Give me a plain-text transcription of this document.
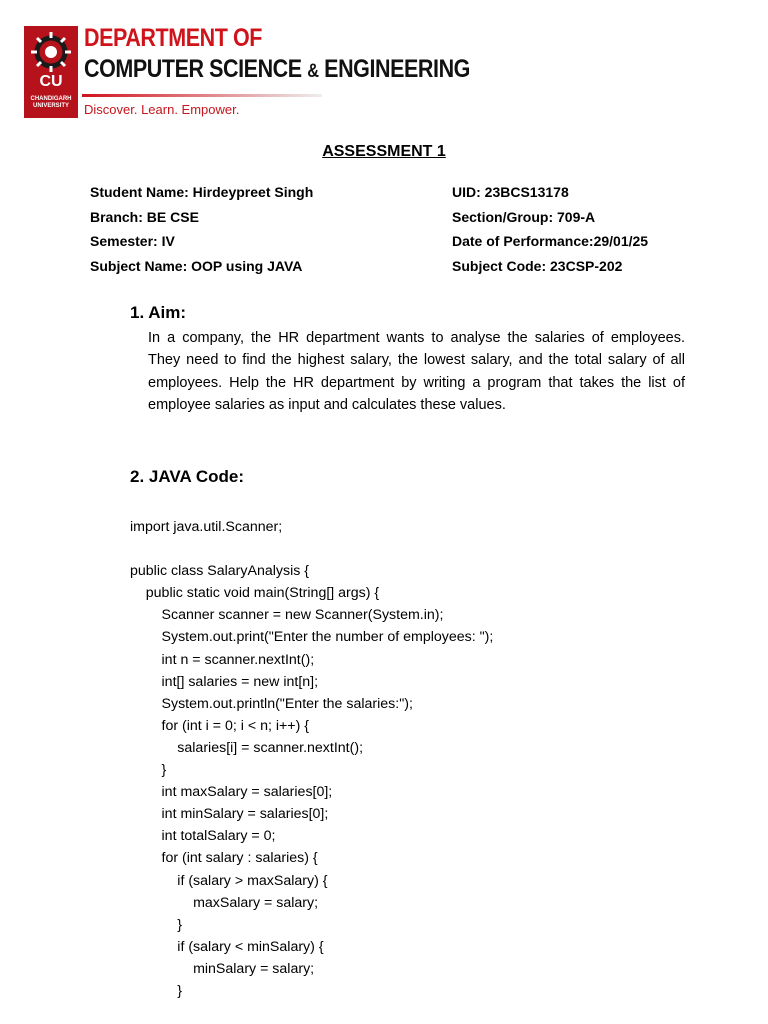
CU
CHANDIGARH UNIVERSITY
DEPARTMENT OF
COMPUTER SCIENCE & ENGINEERING
Discover. Learn. Empower.
ASSESSMENT 1
Student Name: Hirdeypreet Singh
Branch: BE CSE
Semester: IV
Subject Name: OOP using JAVA
UID: 23BCS13178
Section/Group: 709-A
Date of Performance:29/01/25
Subject Code: 23CSP-202
1. Aim:
In a company, the HR department wants to analyse the salaries of employees. They need to find the highest salary, the lowest salary, and the total salary of all employees. Help the HR department by writing a program that takes the list of employee salaries as input and calculates these values.
2. JAVA Code:
import java.util.Scanner;

public class SalaryAnalysis {
public static void main(String[] args) {
Scanner scanner = new Scanner(System.in);
System.out.print("Enter the number of employees: ");
int n = scanner.nextInt();
int[] salaries = new int[n];
System.out.println("Enter the salaries:");
for (int i = 0; i < n; i++) {
salaries[i] = scanner.nextInt();
}
int maxSalary = salaries[0];
int minSalary = salaries[0];
int totalSalary = 0;
for (int salary : salaries) {
if (salary > maxSalary) {
maxSalary = salary;
}
if (salary < minSalary) {
minSalary = salary;
}
